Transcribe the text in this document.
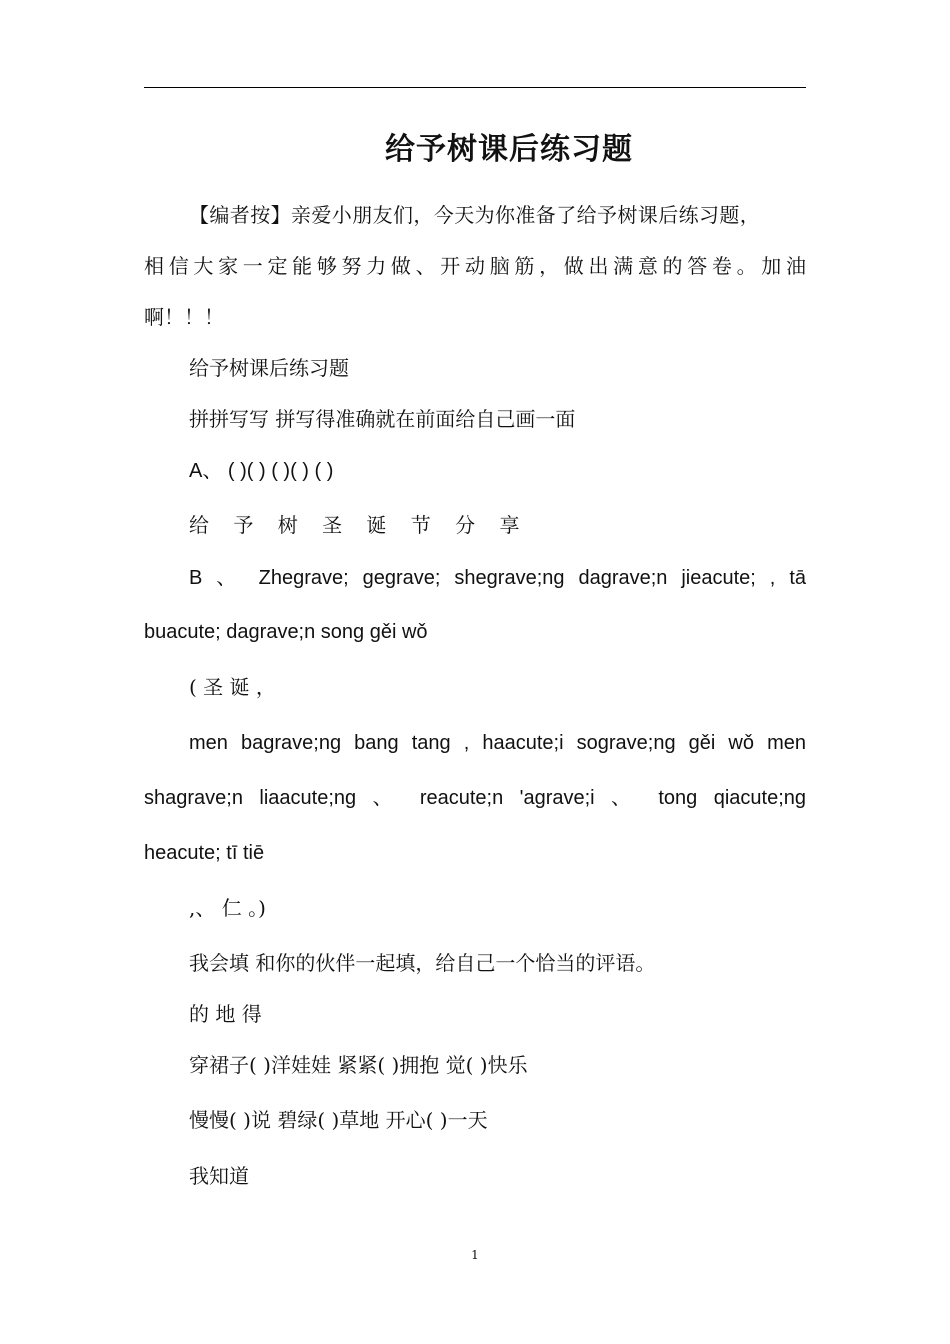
给予树课后练习题
【编者按】亲爱小朋友们，今天为你准备了给予树课后练习题，
相信大家一定能够努力做、开动脑筋，做出满意的答卷。加油
啊！！！
给予树课后练习题
拼拼写写 拼写得准确就在前面给自己画一面
A、 ( )( ) ( )( ) ( )
给 予 树 圣 诞 节 分 享
B 、 Zhegrave; gegrave; shegrave;ng dagrave;n jieacute; , tā
buacute; dagrave;n song gěi wǒ
( 圣 诞 ，
men bagrave;ng bang tang , haacute;i sograve;ng gěi wǒ men
shagrave;n liaacute;ng 、 reacute;n 'agrave;i 、 tong qiacute;ng
heacute; tī tiē
,、 仁 。)
我会填 和你的伙伴一起填，给自己一个恰当的评语。
的 地 得
穿裙子( )洋娃娃 紧紧( )拥抱 觉( )快乐
慢慢( )说 碧绿( )草地 开心( )一天
我知道
1
